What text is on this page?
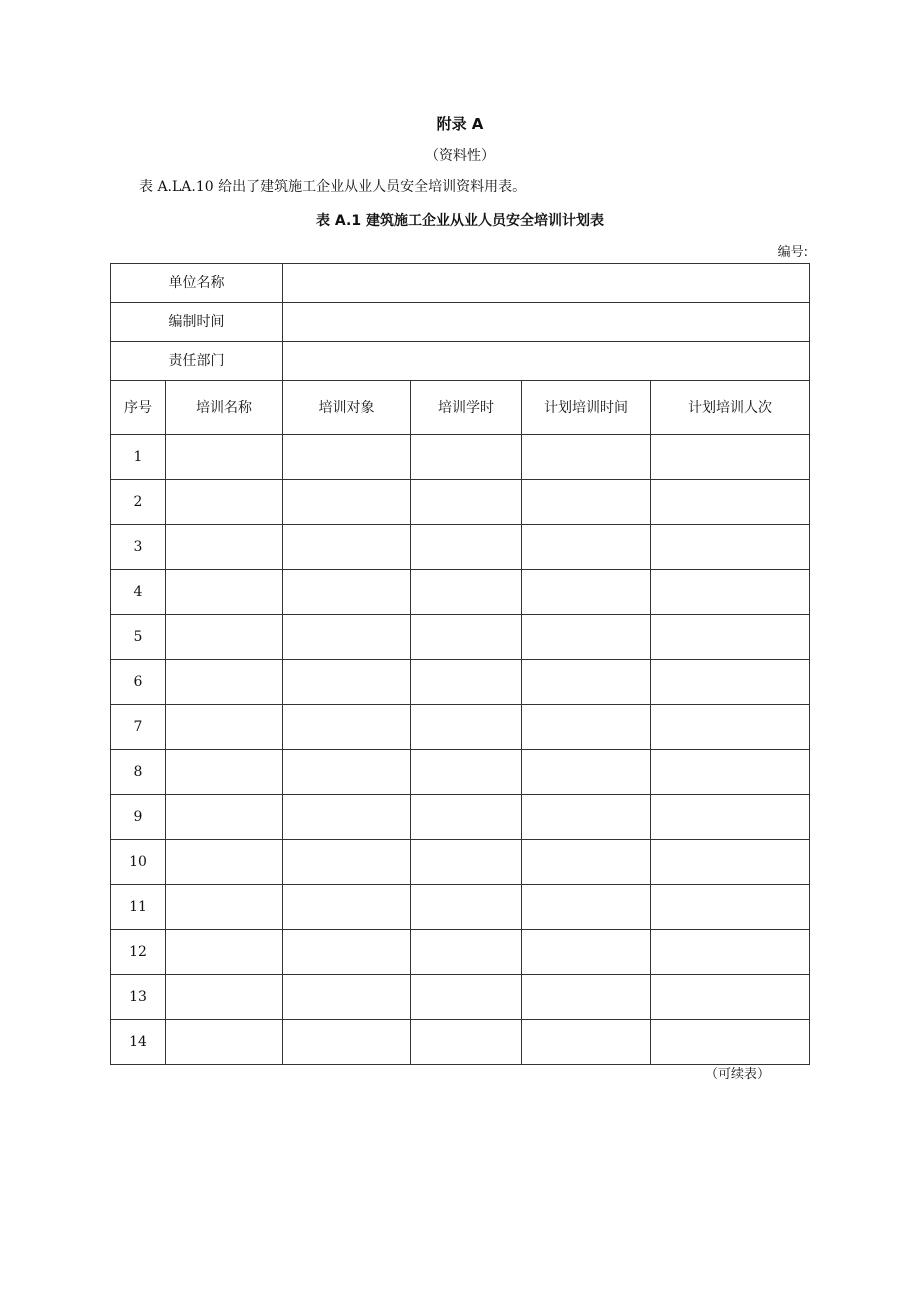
附录 A
（资料性）
表 A.LA.10 给出了建筑施工企业从业人员安全培训资料用表。
表 A.1 建筑施工企业从业人员安全培训计划表
编号:
单位名称					
编制时间					
责任部门					
序号	培训名称	培训对象	培训学时	计划培训时间	计划培训人次
1					
2					
3					
4					
5					
6					
7					
8					
9					
10					
11					
12					
13					
14					
（可续表）
